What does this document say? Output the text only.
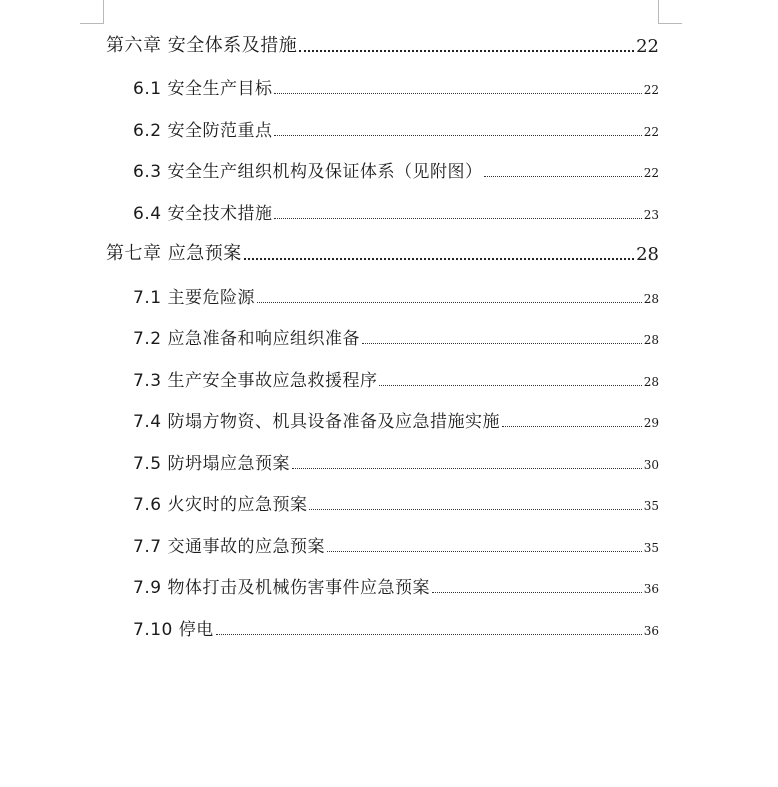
第六章 安全体系及措施	22
6.1 安全生产目标	22
6.2 安全防范重点	22
6.3 安全生产组织机构及保证体系（见附图）	22
6.4 安全技术措施	23
第七章 应急预案	28
7.1 主要危险源	28
7.2 应急准备和响应组织准备	28
7.3 生产安全事故应急救援程序	28
7.4 防塌方物资、机具设备准备及应急措施实施	29
7.5 防坍塌应急预案	30
7.6 火灾时的应急预案	35
7.7 交通事故的应急预案	35
7.9 物体打击及机械伤害事件应急预案	36
7.10 停电	36
